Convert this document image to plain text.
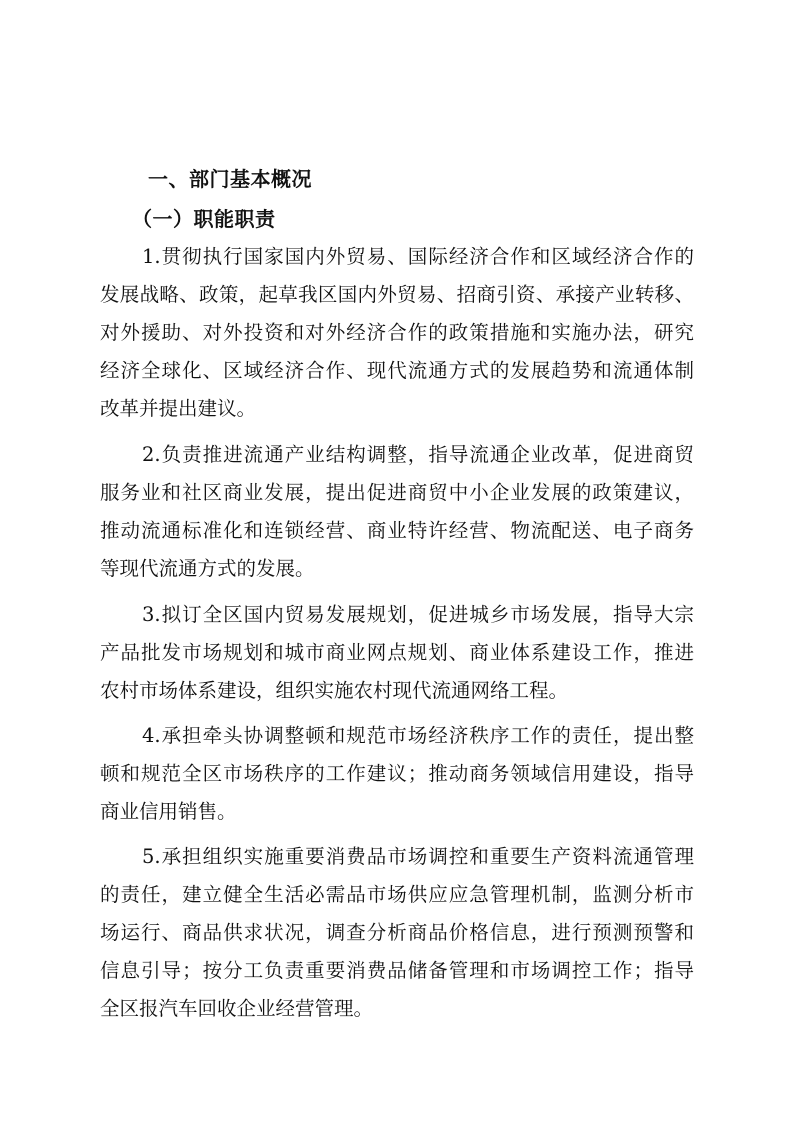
一、部门基本概况
（一）职能职责
1.贯彻执行国家国内外贸易、国际经济合作和区域经济合作的
发展战略、政策，起草我区国内外贸易、招商引资、承接产业转移、
对外援助、对外投资和对外经济合作的政策措施和实施办法，研究
经济全球化、区域经济合作、现代流通方式的发展趋势和流通体制
改革并提出建议。
2.负责推进流通产业结构调整，指导流通企业改革，促进商贸
服务业和社区商业发展，提出促进商贸中小企业发展的政策建议，
推动流通标准化和连锁经营、商业特许经营、物流配送、电子商务
等现代流通方式的发展。
3.拟订全区国内贸易发展规划，促进城乡市场发展，指导大宗
产品批发市场规划和城市商业网点规划、商业体系建设工作，推进
农村市场体系建设，组织实施农村现代流通网络工程。
4.承担牵头协调整顿和规范市场经济秩序工作的责任，提出整
顿和规范全区市场秩序的工作建议；推动商务领域信用建设，指导
商业信用销售。
5.承担组织实施重要消费品市场调控和重要生产资料流通管理
的责任，建立健全生活必需品市场供应应急管理机制，监测分析市
场运行、商品供求状况，调查分析商品价格信息，进行预测预警和
信息引导；按分工负责重要消费品储备管理和市场调控工作；指导
全区报汽车回收企业经营管理。
